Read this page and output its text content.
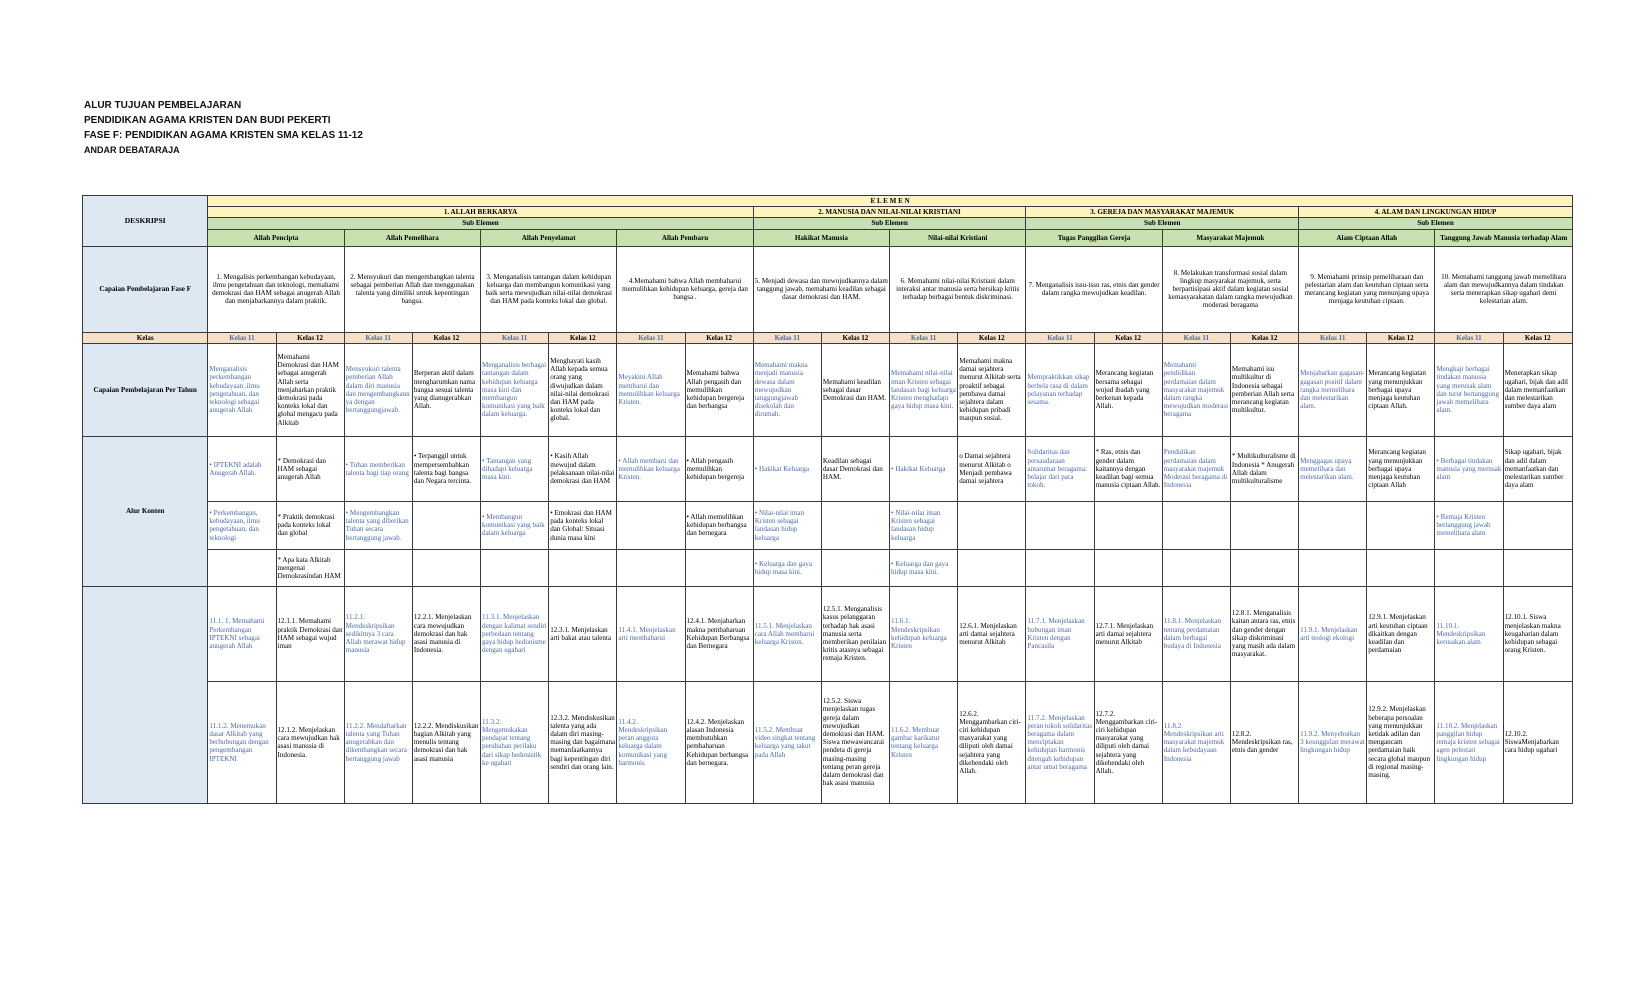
ALUR TUJUAN PEMBELAJARAN
PENDIDIKAN AGAMA KRISTEN DAN BUDI PEKERTI
FASE F: PENDIDIKAN AGAMA KRISTEN SMA KELAS 11-12
ANDAR DEBATARAJA
DESKRIPSI	E L E M E N																			
	1. ALLAH BERKARYA								2. MANUSIA DAN NILAI-NILAI KRISTIANI				3. GEREJA DAN MASYARAKAT MAJEMUK				4. ALAM DAN LINGKUNGAN HIDUP			
	Sub Elemen								Sub Elemen				Sub Elemen				Sub Elemen			
	Allah Pencipta		Allah Pemelihara		Allah Penyelamat		Allah Pembaru		Hakikat Manusia		Nilai-nilai Kristiani		Tugas Panggilan Gereja		Masyarakat Majemuk		Alam Ciptaan Allah		Tanggung Jawab Manusia terhadap Alam	
Capaian Pembelajaran Fase F	1. Mengalisis perkembangan kebudayaan, ilmu pengetahuan dan teknologi, memahami demokrasi dan HAM sebagai anugerah Allah dan menjabarkannya dalam praktik.		2. Mensyukuri dan mengembangkan talenta sebagai pemberian Allah dan menggunakan talenta yang dimiliki untuk kepentingan bangsa.		3. Menganalisis tantangan dalam kehidupan keluarga dan membangun komunikasi yang baik serta mewujudkan nilai-nilai demokrasi dan HAM pada konteks lokal dan global.		4.Memahami bahwa Allah membaharui memulihkan kehidupan keluarga, gereja dan bangsa .		5. Menjadi dewasa dan mewujudkannya dalam tanggung jawab, memahami keadilan sebagai dasar demokrasi dan HAM.		6. Memahami nilai-nilai Kristiani dalam interaksi antar manusia serta bersikap kritis terhadap berbagai bentuk diskriminasi.		7. Menganalisis issu-issu ras, etnis dan gender dalam rangka mewujudkan keadilan.		8. Melakukan transformasi sosial dalam lingkup masyarakat majemuk, serta berpartisipasi aktif dalam kegiatan sosial kemasyarakatan dalam rangka mewujudkan moderasi beragama		9. Memahami prinsip pemeliharaan dan pelestarian alam dan keutuhan ciptaan serta merancang kegiatan yang menunjang upaya menjaga keutuhan ciptaan.		10. Memahami tanggung jawab memelihara alam dan mewujudkannya dalam tindakan serta menerapkan sikap ugahari demi kelestarian alam.	
Kelas	Kelas 11	Kelas 12	Kelas 11	Kelas 12	Kelas 11	Kelas 12	Kelas 11	Kelas 12	Kelas 11	Kelas 12	Kelas 11	Kelas 12	Kelas 11	Kelas 12	Kelas 11	Kelas 12	Kelas 11	Kelas 12	Kelas 11	Kelas 12
Capaian Pembelajaran Per Tahun	Menganalisis perkembangan kebudayaan ,ilmu pengetahuan, dan teknologi sebagai anugerah Allah	Memahami Demokrasi dan HAM sebagai anugerah Allah serta menjabarkan praktik demokrasi pada konteks lokal dan global mengacu pada Alkitab	Mensyukuri talenta pemberian Allah dalam diri manusia dan mengembangkann ya dengan bertanggungjawab.	Berperan aktif dalam mengharumkan nama bangsa sesuai talenta yang dianugerahkan Allah.	Menganalisis berbagai tantangan dalam kehidupan keluarga masa kini dan membangun komunikasi yang baik dalam keluarga.	Menghayati kasih Allah kepada semua orang yang diwujudkan dalam nilai-nilai demokrasi dan HAM pada konteks lokal dan global.	Meyakini Allah membarui dan memulihkan keluarga Kristen.	Memahami bahwa Allah pengasih dan memulihkan kehidupan bergereja dan berbangsa	Memahami makna menjadi manusia dewasa dalam mewujudkan tanggungjawab disekolah dan dirumah.	Memahami keadilan sebagai dasar Demokrasi dan HAM.	Memahami nilai-nilai iman Kristen sebagai landasan bagi keluarga Kristen menghadapi gaya hidup masa kini.	Memahami makna damai sejahtera menurut Alkitab serta proaktif sebagai pembawa damai sejahtera dalam kehidupan pribadi maupun sosial.	Mempraktikkan sikap berbela rasa di dalam pelayanan terhadap sesama.	Merancang kegiatan bersama sebagai wujud ibadah yang berkenan kepada Allah.	Memahami pendidikan perdamaian dalam masyarakat majemuk dalam rangka mewujudkan moderasi beragama	Memahami isu multikultur di Indonesia sebagai pemberian Allah serta merancang kegiatan multikultur.	Menjabarkan gagasan-gagasan positif dalam rangka memelihara dan melestarikan alam.	Merancang kegiatan yang menunjukkan berbagai upaya menjaga keutuhan ciptaan Allah.	Mengkaji berbagai tindakan manusia yang merusak alam dan turut bertanggung jawab memelihara alam.	Menerapkan sikap ugahari, bijak dan adil dalam memanfaatkan dan melestarikan sumber daya alam
Alur Konten	• IPTEKNI adalah Anugerah Allah.	* Demokrasi dan HAM sebagai anugerah Allah	• Tuhan memberikan talenta bagi tiap orang	• Terpanggil untuk mempersembahkan talenta bagi bangsa dan Negara tercinta.	• Tantangan yang dihadapi keluarga masa kini.	• Kasih Allah mewujud dalam pelaksanaan nilai-nilai demokrasi dan HAM	• Allah membaru dan memulihkan keluarga Kristen.	• Allah pengasih memulihkan kehidupan bergereja	• Hakikat Keluarga	Keadilan sebagai dasar Demokrasi dan HAM.	• Hakikat Keluarga	o Damai sejahtera menurut Alkitab o Menjadi pembawa damai sejahtera	Solidaritas dan persaudaraan antarumat beragama: belajar dari para tokoh.	* Ras, etnis dan gender dalam kaitannya dengan keadilan bagi semua manusia ciptaan Allah.	Pendidikan perdamaian dalam masyarakat majemuk Moderasi beragama di Indonesia	* Multikulturalisme di Indonesia * Anugerah Allah dalam multikulturalisme	Menggagas upaya memelihara dan melestarikan alam.	Merancang kegiatan yang menunjukkan berbagai upaya menjaga keutuhan ciptaan Allah	• Berbagai tindakan manusia yang merusak alam	Sikap ugahari, bijak dan adil dalam memanfaatkan dan melestarikan sumber daya alam
	• Perkembangan, kebudayaan, ilmu pengetahuan, dan teknologi	* Praktik demokrasi pada konteks lokal dan global	• Mengembangkan talenta yang diberikan Tuhan secara bertanggung jawab.		• Membangun komunikasi yang baik dalam keluarga	• Emokrasi dan HAM pada konteks lokal dan Global: Situasi dunia masa kini		• Allah memulihkan kehidupan berbangsa dan bernegara	• Nilai-nilai iman Kristen sebagai landasan hidup keluarga		• Nilai-nilai iman Kristen sebagai landasan hidup keluarga								• Remaja Kristen bertanggung jawab memelihara alam	
		* Apa kata Alkitab mengenai Demokrasindan HAM							• Keluarga dan gaya hidup masa kini.		• Keluarga dan gaya hidup masa kini.									
	11.1. 1. Memahami Perkembangan IPTEKNI sebagai anugerah Allah	12.1.1. Memahami praktik Demokrasi dan HAM sebagai wujud iman	11.2.1. Mendeskripsikan sedikitnya 3 cara Allah merawat hidup manusia	12.2.1. Menjelaskan cara mewujudkan demokrasi dan hak asasi manusia di Indonesia.	11.3.1. Menjelaskan dengan kalimat sendiri perbedaan tentang gaya hidup hedonisme dengan ugahari	12.3.1. Menjelaskan arti bakat atau talenta	11.4.1. Menjelaskan arti membaharui	12.4.1. Menjabarkan makna pembaharuan Kehidupan Berbangsa dan Bernegara	11.5.1. Menjelaskan cara Allah membarui keluarga Kristen.	12.5.1. Menganalisis kasus pelanggaran terhadap hak asasi manusia serta memberikan penilaian kritis atasnya sebagai remaja Kristen.	11.6.1. Mendeskripsikan kehidupan keluarga Kristen	12.6.1. Menjelaskan arti damai sejahtera menurut Alkitab	11.7.1. Menjelaskan hubungan iman Kristen dengan Pancasila	12.7.1. Menjelaskan arti damai sejahtera menurut Alkitab	11.8.1. Menjelaskan tentang perdamaian dalam berbagai budaya di Indonesia	12.8.1. Menganalisis kaitan antara ras, etnis dan gender dengan sikap diskriminasi yang masih ada dalam masyarakat.	11.9.1. Menjelaskan arti teologi ekologi	12.9.1. Menjelaskan arti keutuhan ciptaan dikaitkan dengan keadilan dan perdamaian	11.10.1. Mendeskripsikan kerusakan alam	12.10.1. Siswa menjelaskan makna keugaharian dalam kehidupan sebagai orang Kristen.
	11.1.2. Menemukan dasar Alkitab yang berhubungan dengan pengembangan IPTEKNI	12.1.2. Menjelaskan cara mewujudkan hak asasi manusia di Indonesia.	11.2.2. Mendaftarkan talenta yang Tuhan anugerahkan dan dikembangkan secara bertanggung jawab	12.2.2. Mendiskusikan bagian Alkitab yang menulis tentang demokrasi dan hak asasi manusia	11.3.2. Mengemukakan pendapat tentang perubahan perilaku dari sikap hedonistik ke ugahari	12.3.2. Mendiskusikan talenta yang ada dalam diri masing-masing dan bagaimana memanfaatkannya bagi kepentingan diri sendiri dan orang lain.	11.4.2. Mendeskripsikan peran anggota keluarga dalam komunikasi yang harmonis	12.4.2. Menjelaskan alasan Indonesia membutuhkan pembaharuan Kehidupan berbangsa dan bernegara.	11.5.2. Membuat video singkat tentang keluarga yang takut pada Allah	12.5.2. Siswa menjelaskan tugas gereja dalam mewujudkan demokrasi dan HAM. Siswa mewawancarai pendeta di gereja masing-masing tentang peran gereja dalam demokrasi dan hak asasi manusia	11.6.2. Membuat gambar karikatur tentang keluarga Kristen	12.6.2. Menggambarkan ciri-ciri kehidupan masyarakat yang diliputi oleh damai sejahtera yang dikehendaki oleh Allah.	11.7.2. Menjelaskan peran tokoh solidaritas beragama dalam menciptakan kehidupan harmonis ditengah kehidupan antar umat beragama	12.7.2. Menggambarkan ciri-ciri kehidupan masyarakat yang diliputi oleh damai sejahtera yang dikehendaki oleh Allah.	11.8.2. Mendeskripsikan arti masyarakat majemuk dalam kebudayaan Indonesia	12.8.2. Mendeskripsikan ras, etnis dan gender	11.9.2. Menyebutkan 3 keunggulan merawat lingkungan hidup	12.9.2. Menjelaskan beberapa persoalan yang menunjukkan ketidak adilan dan mengancam perdamaian baik secara global maupun di regional masing-masing.	11.10.2. Menjelaskan panggilan hidup remaja kristen sebagai agen pelestari lingkungan hidup	12.10.2. SiswaMenjabarkan cara hidup ugahari
